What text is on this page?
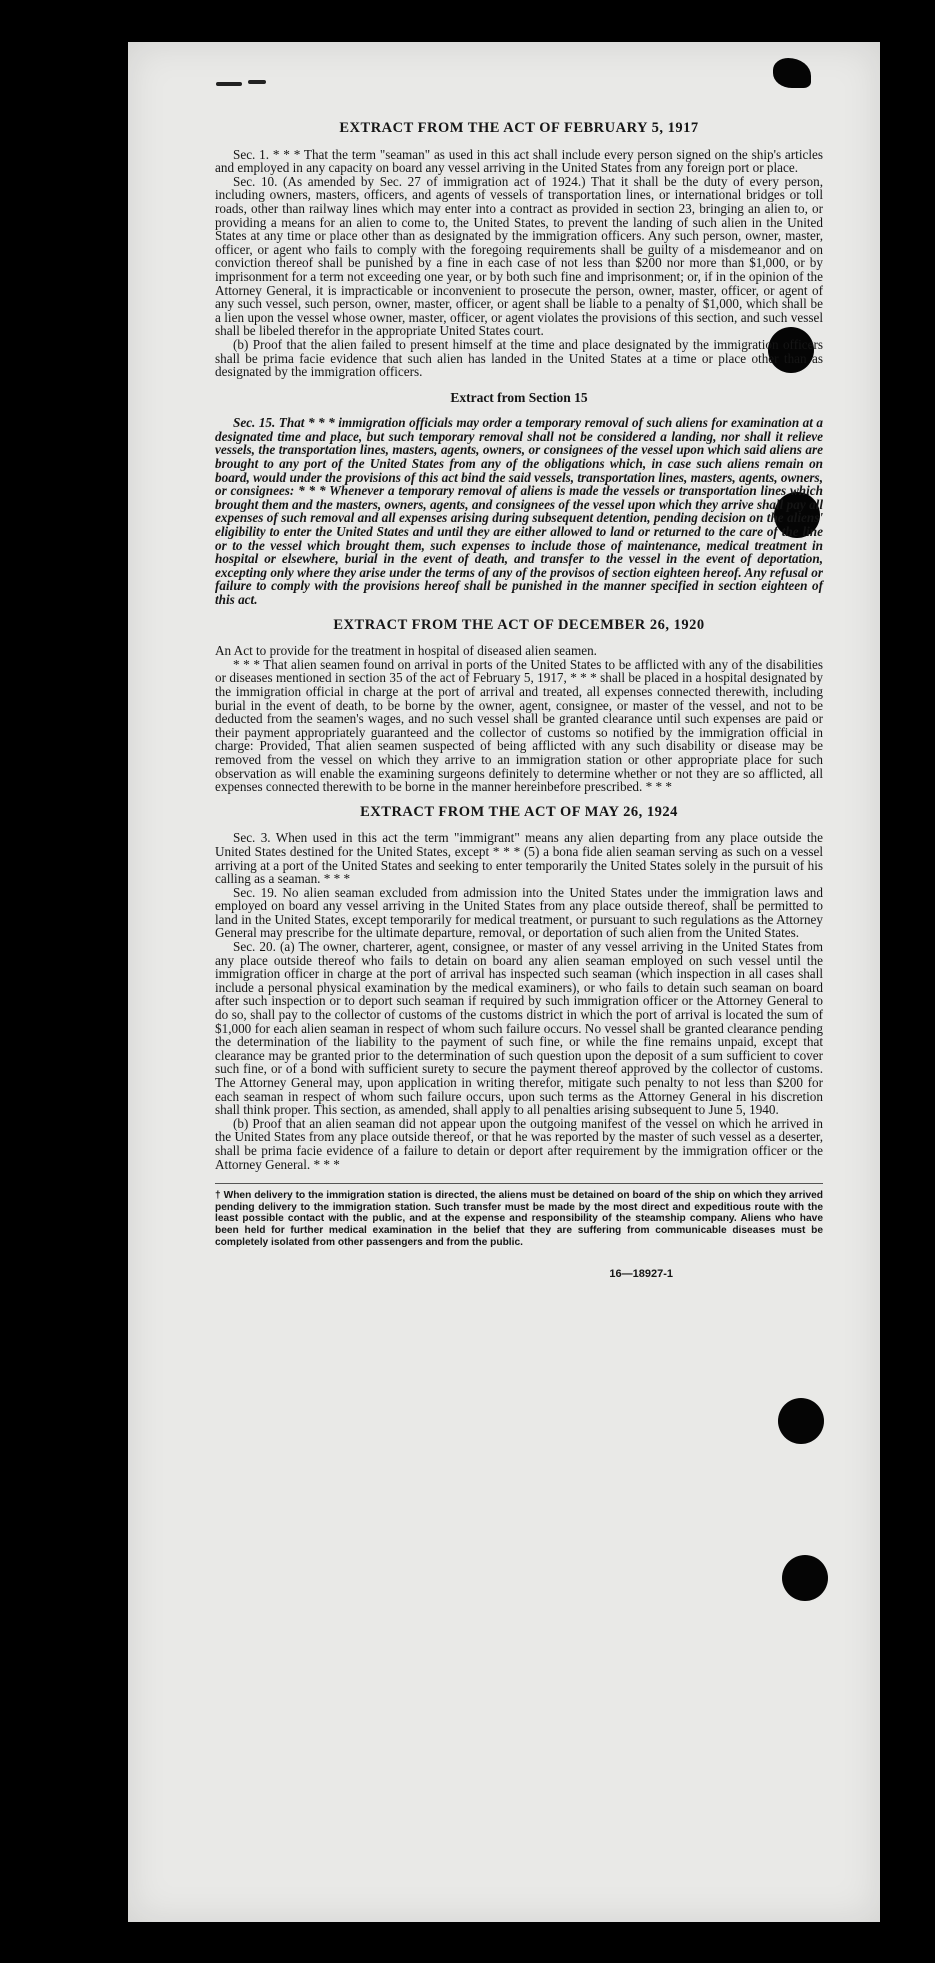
EXTRACT FROM THE ACT OF FEBRUARY 5, 1917

Sec. 1. * * * That the term "seaman" as used in this act shall include every person signed on the ship's articles and employed in any capacity on board any vessel arriving in the United States from any foreign port or place.

Sec. 10. (As amended by Sec. 27 of immigration act of 1924.) That it shall be the duty of every person, including owners, masters, officers, and agents of vessels of transportation lines, or international bridges or toll roads, other than railway lines which may enter into a contract as provided in section 23, bringing an alien to, or providing a means for an alien to come to, the United States, to prevent the landing of such alien in the United States at any time or place other than as designated by the immigration officers. Any such person, owner, master, officer, or agent who fails to comply with the foregoing requirements shall be guilty of a misdemeanor and on conviction thereof shall be punished by a fine in each case of not less than $200 nor more than $1,000, or by imprisonment for a term not exceeding one year, or by both such fine and imprisonment; or, if in the opinion of the Attorney General, it is impracticable or inconvenient to prosecute the person, owner, master, officer, or agent of any such vessel, such person, owner, master, officer, or agent shall be liable to a penalty of $1,000, which shall be a lien upon the vessel whose owner, master, officer, or agent violates the provisions of this section, and such vessel shall be libeled therefor in the appropriate United States court.

(b) Proof that the alien failed to present himself at the time and place designated by the immigration officers shall be prima facie evidence that such alien has landed in the United States at a time or place other than as designated by the immigration officers.

Extract from Section 15

Sec. 15. That * * * immigration officials may order a temporary removal of such aliens for examination at a designated time and place, but such temporary removal shall not be considered a landing, nor shall it relieve vessels, the transportation lines, masters, agents, owners, or consignees of the vessel upon which said aliens are brought to any port of the United States from any of the obligations which, in case such aliens remain on board, would under the provisions of this act bind the said vessels, transportation lines, masters, agents, owners, or consignees: * * * Whenever a temporary removal of aliens is made the vessels or transportation lines which brought them and the masters, owners, agents, and consignees of the vessel upon which they arrive shall pay all expenses of such removal and all expenses arising during subsequent detention, pending decision on the aliens' eligibility to enter the United States and until they are either allowed to land or returned to the care of the line or to the vessel which brought them, such expenses to include those of maintenance, medical treatment in hospital or elsewhere, burial in the event of death, and transfer to the vessel in the event of deportation, excepting only where they arise under the terms of any of the provisos of section eighteen hereof. Any refusal or failure to comply with the provisions hereof shall be punished in the manner specified in section eighteen of this act.

EXTRACT FROM THE ACT OF DECEMBER 26, 1920

An Act to provide for the treatment in hospital of diseased alien seamen.

* * * That alien seamen found on arrival in ports of the United States to be afflicted with any of the disabilities or diseases mentioned in section 35 of the act of February 5, 1917, * * * shall be placed in a hospital designated by the immigration official in charge at the port of arrival and treated, all expenses connected therewith, including burial in the event of death, to be borne by the owner, agent, consignee, or master of the vessel, and not to be deducted from the seamen's wages, and no such vessel shall be granted clearance until such expenses are paid or their payment appropriately guaranteed and the collector of customs so notified by the immigration official in charge: Provided, That alien seamen suspected of being afflicted with any such disability or disease may be removed from the vessel on which they arrive to an immigration station or other appropriate place for such observation as will enable the examining surgeons definitely to determine whether or not they are so afflicted, all expenses connected therewith to be borne in the manner hereinbefore prescribed. * * *

EXTRACT FROM THE ACT OF MAY 26, 1924

Sec. 3. When used in this act the term "immigrant" means any alien departing from any place outside the United States destined for the United States, except * * * (5) a bona fide alien seaman serving as such on a vessel arriving at a port of the United States and seeking to enter temporarily the United States solely in the pursuit of his calling as a seaman. * * *

Sec. 19. No alien seaman excluded from admission into the United States under the immigration laws and employed on board any vessel arriving in the United States from any place outside thereof, shall be permitted to land in the United States, except temporarily for medical treatment, or pursuant to such regulations as the Attorney General may prescribe for the ultimate departure, removal, or deportation of such alien from the United States.

Sec. 20. (a) The owner, charterer, agent, consignee, or master of any vessel arriving in the United States from any place outside thereof who fails to detain on board any alien seaman employed on such vessel until the immigration officer in charge at the port of arrival has inspected such seaman (which inspection in all cases shall include a personal physical examination by the medical examiners), or who fails to detain such seaman on board after such inspection or to deport such seaman if required by such immigration officer or the Attorney General to do so, shall pay to the collector of customs of the customs district in which the port of arrival is located the sum of $1,000 for each alien seaman in respect of whom such failure occurs. No vessel shall be granted clearance pending the determination of the liability to the payment of such fine, or while the fine remains unpaid, except that clearance may be granted prior to the determination of such question upon the deposit of a sum sufficient to cover such fine, or of a bond with sufficient surety to secure the payment thereof approved by the collector of customs. The Attorney General may, upon application in writing therefor, mitigate such penalty to not less than $200 for each seaman in respect of whom such failure occurs, upon such terms as the Attorney General in his discretion shall think proper. This section, as amended, shall apply to all penalties arising subsequent to June 5, 1940.

(b) Proof that an alien seaman did not appear upon the outgoing manifest of the vessel on which he arrived in the United States from any place outside thereof, or that he was reported by the master of such vessel as a deserter, shall be prima facie evidence of a failure to detain or deport after requirement by the immigration officer or the Attorney General. * * *

† When delivery to the immigration station is directed, the aliens must be detained on board of the ship on which they arrived pending delivery to the immigration station. Such transfer must be made by the most direct and expeditious route with the least possible contact with the public, and at the expense and responsibility of the steamship company. Aliens who have been held for further medical examination in the belief that they are suffering from communicable diseases must be completely isolated from other passengers and from the public.
16—18927-1
